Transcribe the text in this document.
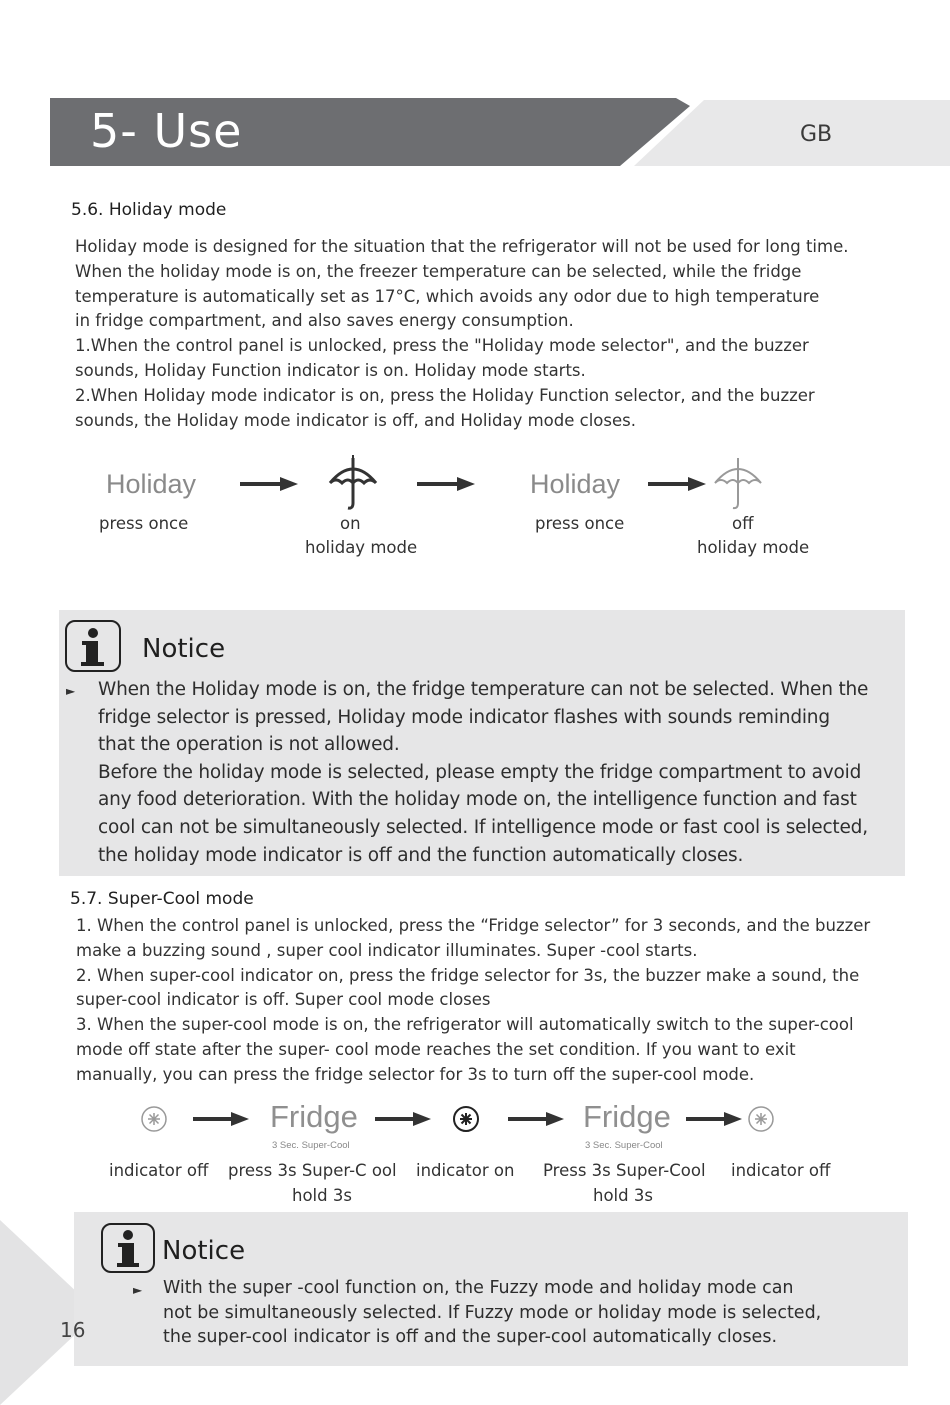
5- Use	GB
5.6. Holiday mode
Holiday mode is designed for the situation that the refrigerator will not be used for long time.
When the holiday mode is on, the freezer temperature can be selected, while the fridge
temperature is automatically set as 17°C, which avoids any odor due to high temperature
in fridge compartment, and also saves energy consumption.
1.When the control panel is unlocked, press the "Holiday mode selector", and the buzzer
sounds, Holiday Function indicator is on. Holiday mode starts.
2.When Holiday mode indicator is on, press the Holiday Function selector, and the buzzer
sounds, the Holiday mode indicator is off, and Holiday mode closes.
Holiday	Holiday
press once	on
holiday mode
press once	off
holiday mode
Notice
► When the Holiday mode is on, the fridge temperature can not be selected. When the
fridge selector is pressed, Holiday mode indicator flashes with sounds reminding
that the operation is not allowed.
Before the holiday mode is selected, please empty the fridge compartment to avoid
any food deterioration. With the holiday mode on, the intelligence function and fast
cool can not be simultaneously selected. If intelligence mode or fast cool is selected,
the holiday mode indicator is off and the function automatically closes.
5.7. Super-Cool mode
1. When the control panel is unlocked, press the “Fridge selector” for 3 seconds, and the buzzer
make a buzzing sound , super cool indicator illuminates. Super -cool starts.
2. When super-cool indicator on, press the fridge selector for 3s, the buzzer make a sound, the
super-cool indicator is off. Super cool mode closes
3. When the super-cool mode is on, the refrigerator will automatically switch to the super-cool
mode off state after the super- cool mode reaches the set condition. If you want to exit
manually, you can press the fridge selector for 3s to turn off the super-cool mode.
Fridge
3 Sec. Super-Cool
Fridge
3 Sec. Super-Cool
indicator off press 3s Super-C ool
hold 3s
indicator on Press 3s Super-Cool
hold 3s
indicator off
Notice
► With the super -cool function on, the Fuzzy mode and holiday mode can
not be simultaneously selected. If Fuzzy mode or holiday mode is selected,
the super-cool indicator is off and the super-cool automatically closes.
16
